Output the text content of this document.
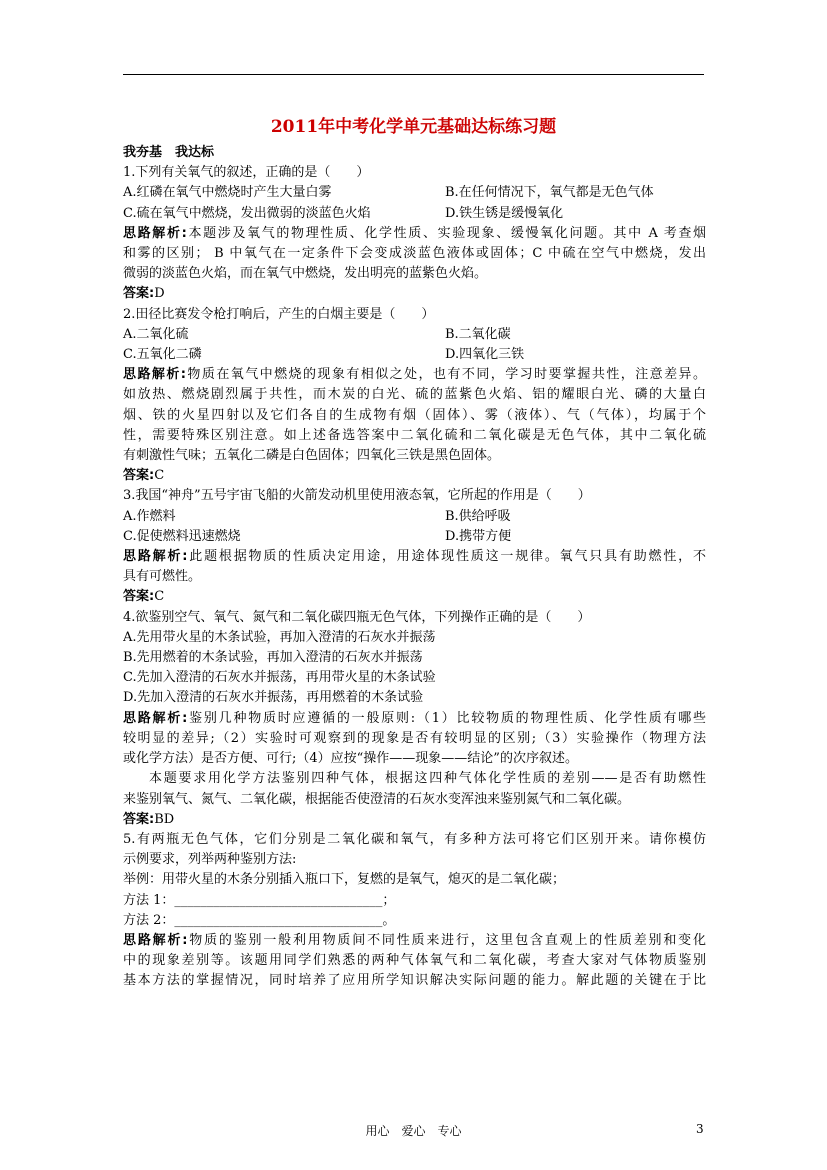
2011年中考化学单元基础达标练习题
我夯基　我达标
1.下列有关氧气的叙述，正确的是（　　）
A.红磷在氧气中燃烧时产生大量白雾	B.在任何情况下，氧气都是无色气体
C.硫在氧气中燃烧，发出微弱的淡蓝色火焰	D.铁生锈是缓慢氧化
思路解析:本题涉及氧气的物理性质、化学性质、实验现象、缓慢氧化问题。其中 A 考查烟
和雾的区别； B 中氧气在一定条件下会变成淡蓝色液体或固体；C 中硫在空气中燃烧，发出
微弱的淡蓝色火焰，而在氧气中燃烧，发出明亮的蓝紫色火焰。
答案:D
2.田径比赛发令枪打响后，产生的白烟主要是（　　）
A.二氧化硫	B.二氧化碳
C.五氧化二磷	D.四氧化三铁
思路解析:物质在氧气中燃烧的现象有相似之处，也有不同，学习时要掌握共性，注意差异。
如放热、燃烧剧烈属于共性，而木炭的白光、硫的蓝紫色火焰、铝的耀眼白光、磷的大量白
烟、铁的火星四射以及它们各自的生成物有烟（固体）、雾（液体）、气（气体），均属于个
性，需要特殊区别注意。如上述备选答案中二氧化硫和二氧化碳是无色气体，其中二氧化硫
有刺激性气味；五氧化二磷是白色固体；四氧化三铁是黑色固体。
答案:C
3.我国“神舟”五号宇宙飞船的火箭发动机里使用液态氧，它所起的作用是（　　）
A.作燃料	B.供给呼吸
C.促使燃料迅速燃烧	D.携带方便
思路解析:此题根据物质的性质决定用途，用途体现性质这一规律。氧气只具有助燃性，不
具有可燃性。
答案:C
4.欲鉴别空气、氧气、氮气和二氧化碳四瓶无色气体，下列操作正确的是（　　）
A.先用带火星的木条试验，再加入澄清的石灰水并振荡
B.先用燃着的木条试验，再加入澄清的石灰水并振荡
C.先加入澄清的石灰水并振荡，再用带火星的木条试验
D.先加入澄清的石灰水并振荡，再用燃着的木条试验
思路解析:鉴别几种物质时应遵循的一般原则:（1）比较物质的物理性质、化学性质有哪些
较明显的差异;（2）实验时可观察到的现象是否有较明显的区别;（3）实验操作（物理方法
或化学方法）是否方便、可行;（4）应按“操作——现象——结论”的次序叙述。
本题要求用化学方法鉴别四种气体，根据这四种气体化学性质的差别——是否有助燃性
来鉴别氧气、氮气、二氧化碳，根据能否使澄清的石灰水变浑浊来鉴别氮气和二氧化碳。
答案:BD
5.有两瓶无色气体，它们分别是二氧化碳和氧气，有多种方法可将它们区别开来。请你模仿
示例要求，列举两种鉴别方法:
举例：用带火星的木条分别插入瓶口下，复燃的是氧气，熄灭的是二氧化碳；
方法 1：________________________________；
方法 2：________________________________。
思路解析:物质的鉴别一般利用物质间不同性质来进行，这里包含直观上的性质差别和变化
中的现象差别等。该题用同学们熟悉的两种气体氧气和二氧化碳，考查大家对气体物质鉴别
基本方法的掌握情况，同时培养了应用所学知识解决实际问题的能力。解此题的关键在于比
用心　爱心　专心	3
